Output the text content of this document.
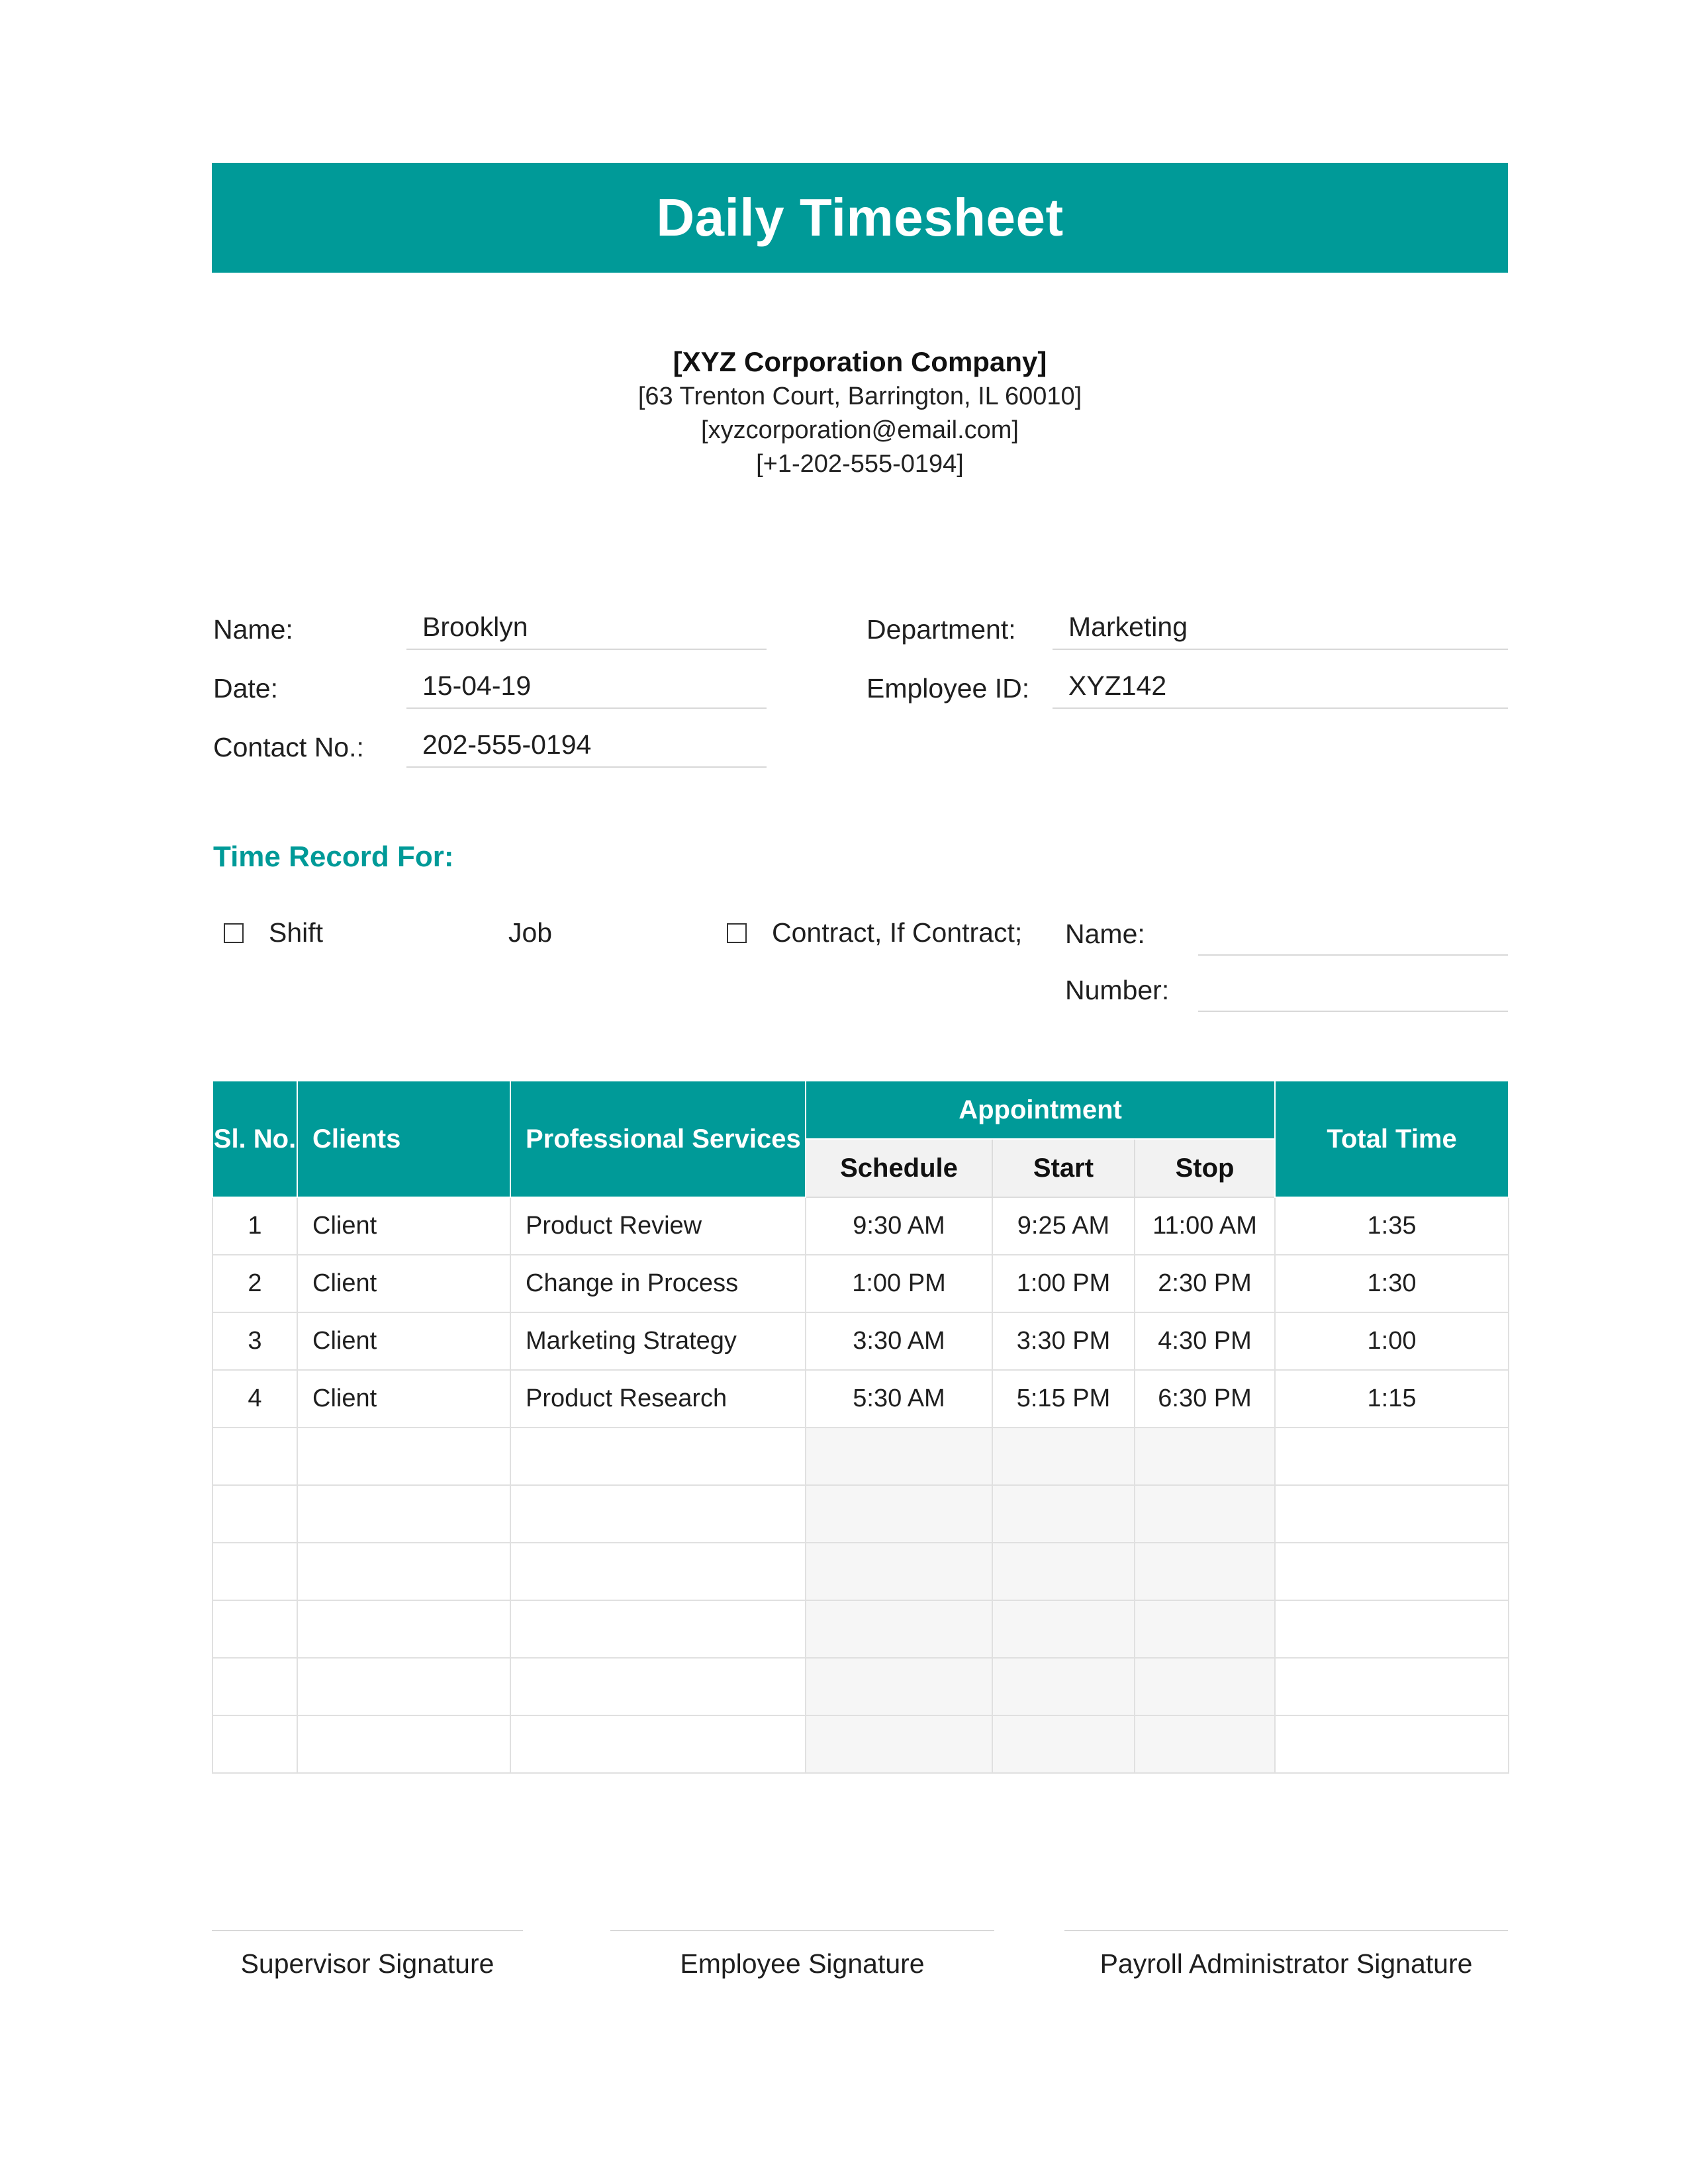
Daily Timesheet
[XYZ Corporation Company]
[63 Trenton Court, Barrington, IL 60010]
[xyzcorporation@email.com]
[+1-202-555-0194]
Name:	Brooklyn
Date:	15-04-19
Contact No.:	202-555-0194
Department:	Marketing
Employee ID:	XYZ142
Time Record For:
Shift	Job	Contract, If Contract; Name:
Number:
Sl. No.	Clients	Professional Services	Appointment			Total Time
			Schedule	Start	Stop	
1	Client	Product Review	9:30 AM	9:25 AM	11:00 AM	1:35
2	Client	Change in Process	1:00 PM	1:00 PM	2:30 PM	1:30
3	Client	Marketing Strategy	3:30 AM	3:30 PM	4:30 PM	1:00
4	Client	Product Research	5:30 AM	5:15 PM	6:30 PM	1:15

Supervisor Signature	Employee Signature	Payroll Administrator Signature
